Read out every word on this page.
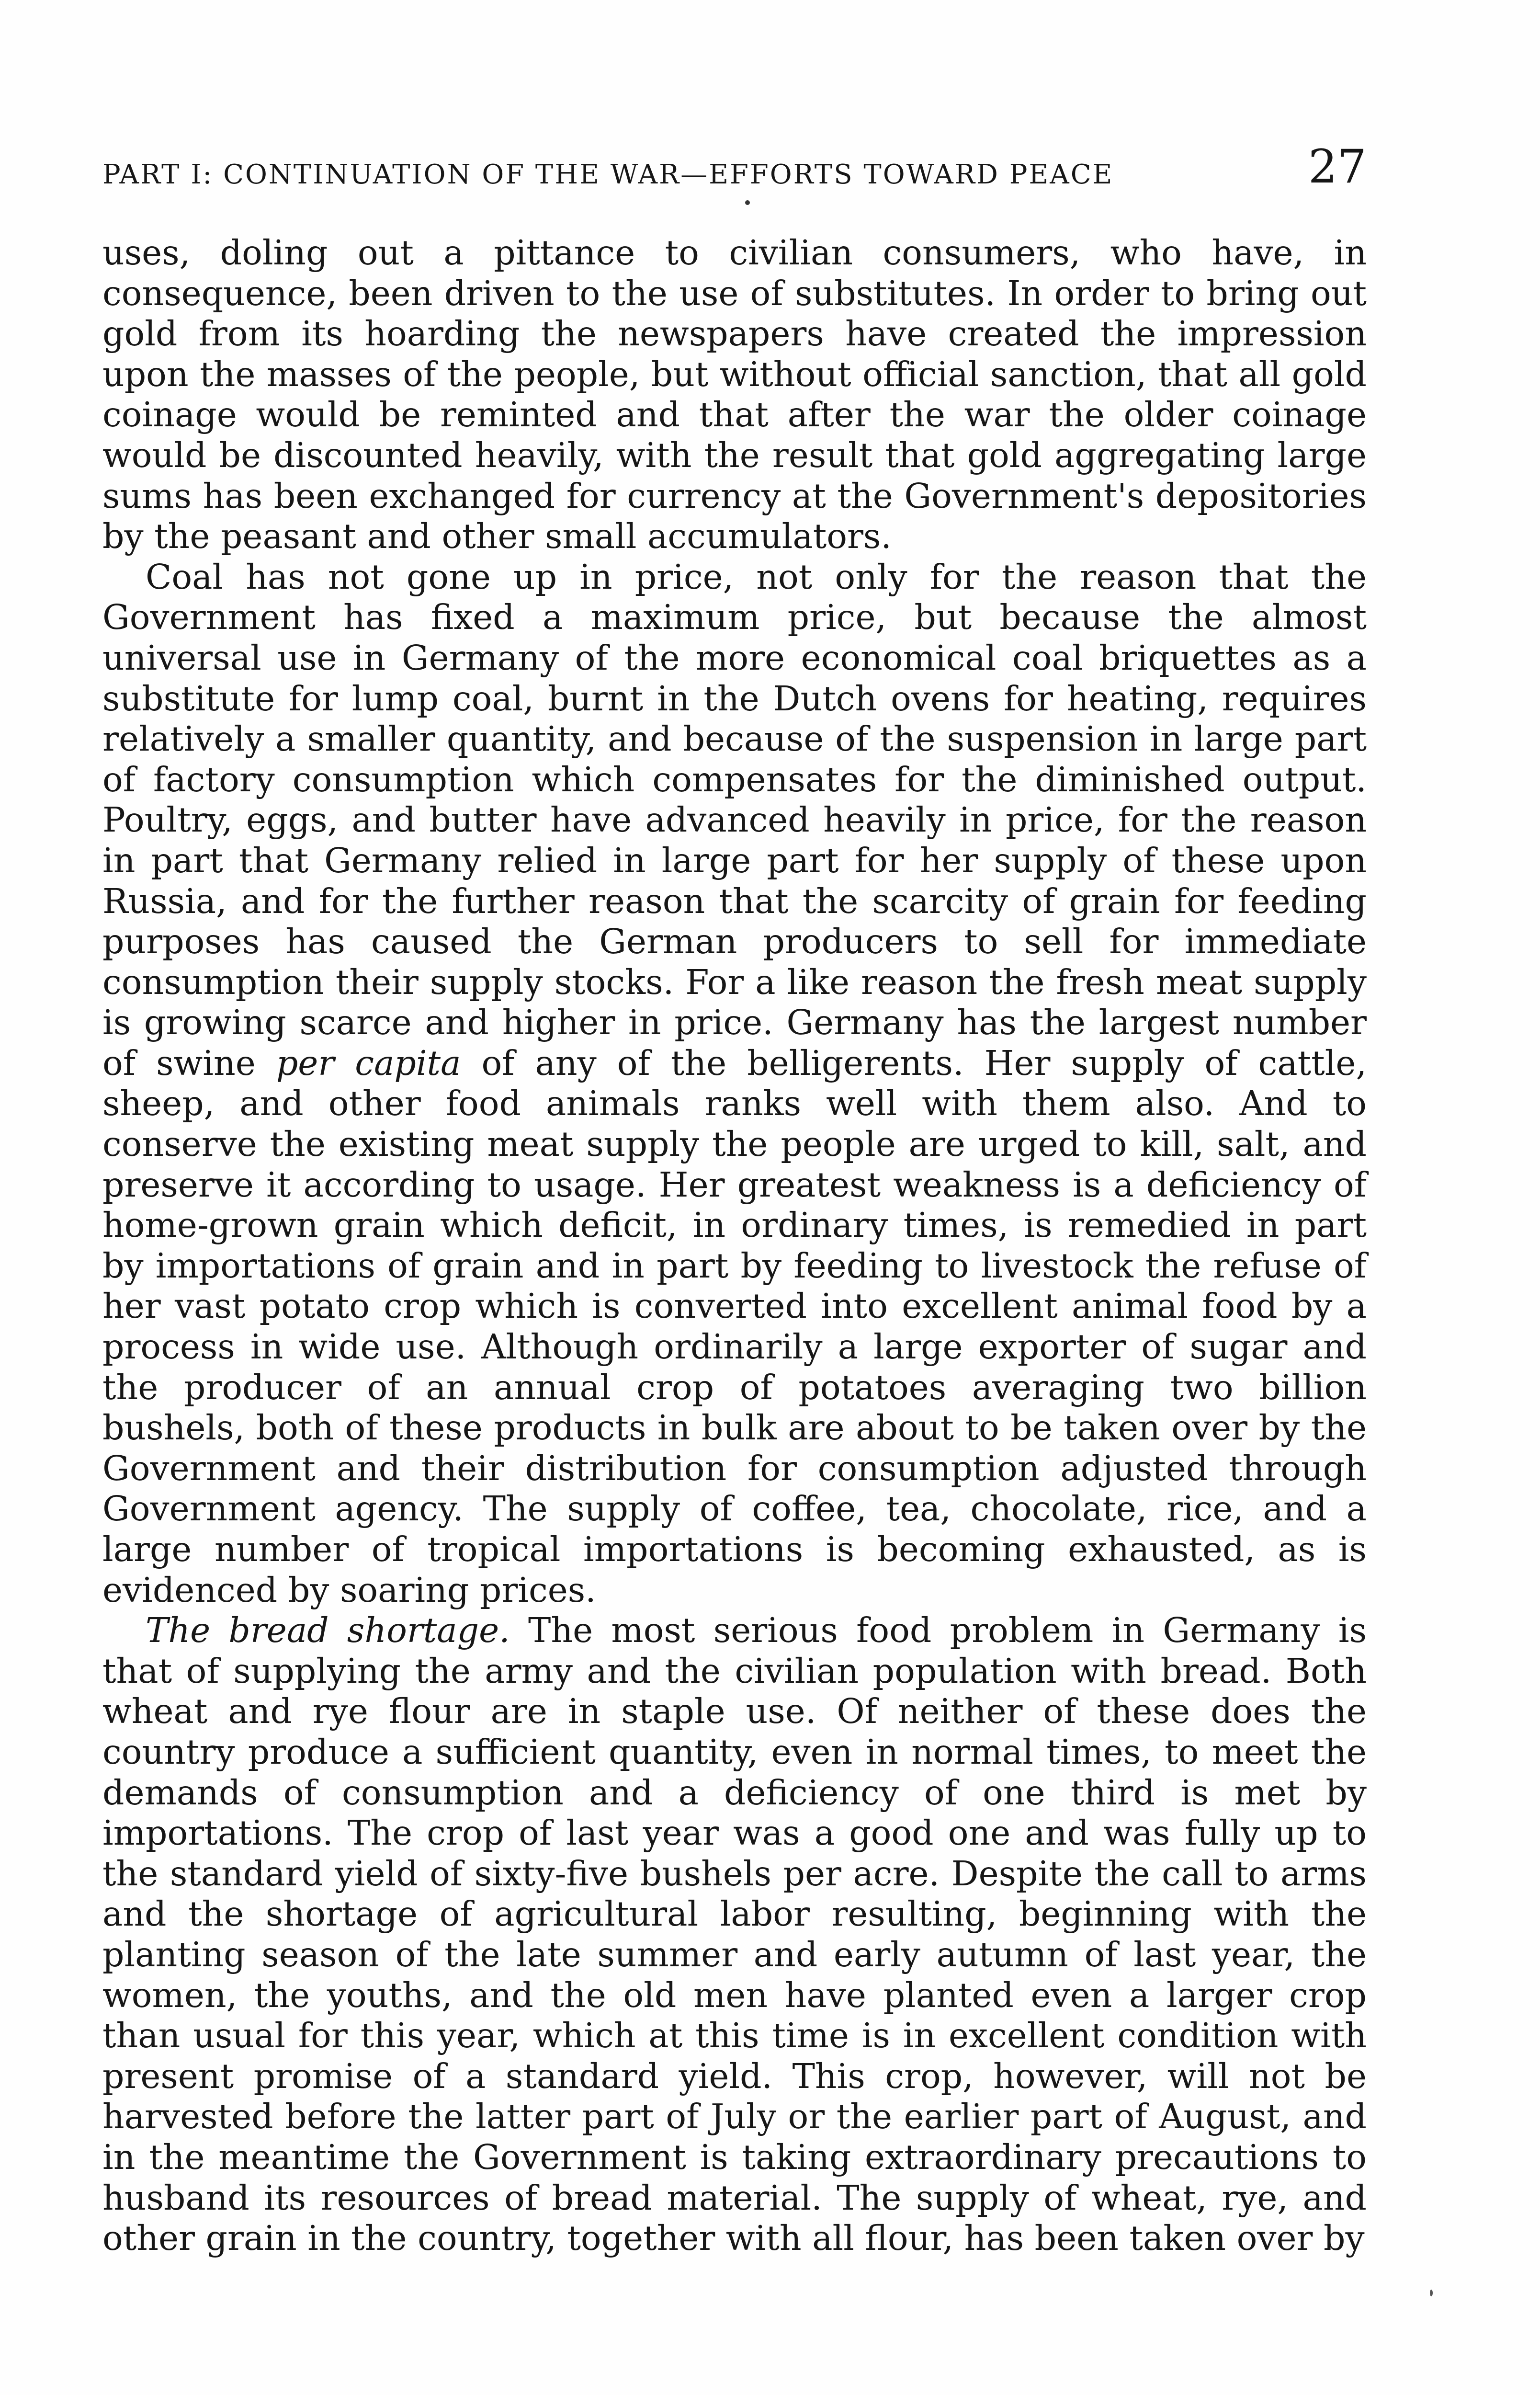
PART I: CONTINUATION OF THE WAR—EFFORTS TOWARD PEACE	27

uses, doling out a pittance to civilian consumers, who have, in consequence, been driven to the use of substitutes. In order to bring out gold from its hoarding the newspapers have created the impression upon the masses of the people, but without official sanction, that all gold coinage would be reminted and that after the war the older coinage would be discounted heavily, with the result that gold aggregating large sums has been exchanged for currency at the Government's depositories by the peasant and other small accumulators.

Coal has not gone up in price, not only for the reason that the Government has fixed a maximum price, but because the almost universal use in Germany of the more economical coal briquettes as a substitute for lump coal, burnt in the Dutch ovens for heating, requires relatively a smaller quantity, and because of the suspension in large part of factory consumption which compensates for the diminished output. Poultry, eggs, and butter have advanced heavily in price, for the reason in part that Germany relied in large part for her supply of these upon Russia, and for the further reason that the scarcity of grain for feeding purposes has caused the German producers to sell for immediate consumption their supply stocks. For a like reason the fresh meat supply is growing scarce and higher in price. Germany has the largest number of swine per capita of any of the belligerents. Her supply of cattle, sheep, and other food animals ranks well with them also. And to conserve the existing meat supply the people are urged to kill, salt, and preserve it according to usage. Her greatest weakness is a deficiency of home-grown grain which deficit, in ordinary times, is remedied in part by importations of grain and in part by feeding to livestock the refuse of her vast potato crop which is converted into excellent animal food by a process in wide use. Although ordinarily a large exporter of sugar and the producer of an annual crop of potatoes averaging two billion bushels, both of these products in bulk are about to be taken over by the Government and their distribution for consumption adjusted through Government agency. The supply of coffee, tea, chocolate, rice, and a large number of tropical importations is becoming exhausted, as is evidenced by soaring prices.

The bread shortage. The most serious food problem in Germany is that of supplying the army and the civilian population with bread. Both wheat and rye flour are in staple use. Of neither of these does the country produce a sufficient quantity, even in normal times, to meet the demands of consumption and a deficiency of one third is met by importations. The crop of last year was a good one and was fully up to the standard yield of sixty-five bushels per acre. Despite the call to arms and the shortage of agricultural labor resulting, beginning with the planting season of the late summer and early autumn of last year, the women, the youths, and the old men have planted even a larger crop than usual for this year, which at this time is in excellent condition with present promise of a standard yield. This crop, however, will not be harvested before the latter part of July or the earlier part of August, and in the meantime the Government is taking extraordinary precautions to husband its resources of bread material. The supply of wheat, rye, and other grain in the country, together with all flour, has been taken over by
